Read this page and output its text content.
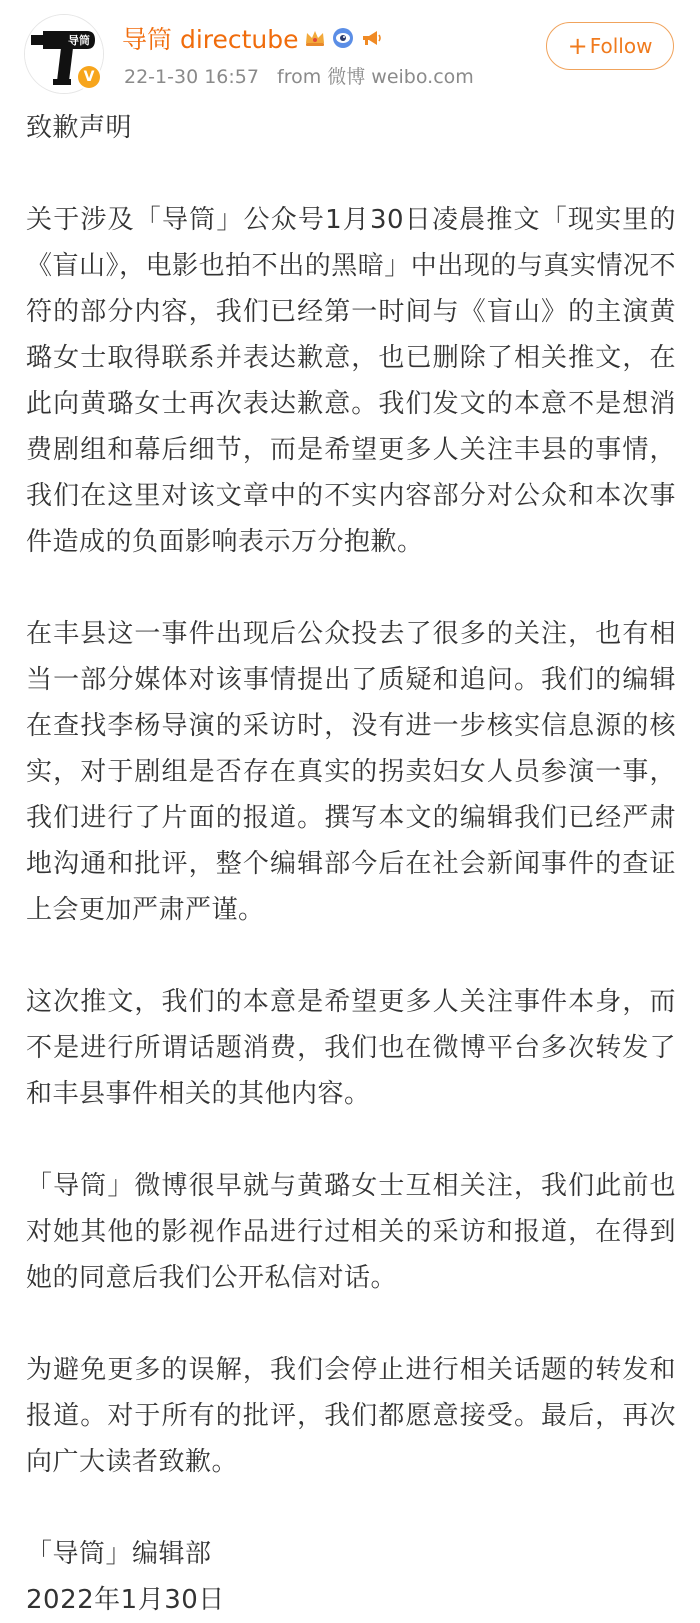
导筒
V
导筒 directube
22-1-30 16:57 from 微博 weibo.com
+ Follow

致歉声明

关于涉及「导筒」公众号1月30日凌晨推文「现实里的《盲山》，电影也拍不出的黑暗」中出现的与真实情况不符的部分内容，我们已经第一时间与《盲山》的主演黄璐女士取得联系并表达歉意，也已删除了相关推文，在此向黄璐女士再次表达歉意。我们发文的本意不是想消费剧组和幕后细节，而是希望更多人关注丰县的事情，我们在这里对该文章中的不实内容部分对公众和本次事件造成的负面影响表示万分抱歉。

在丰县这一事件出现后公众投去了很多的关注，也有相当一部分媒体对该事情提出了质疑和追问。我们的编辑在查找李杨导演的采访时，没有进一步核实信息源的核实，对于剧组是否存在真实的拐卖妇女人员参演一事，我们进行了片面的报道。撰写本文的编辑我们已经严肃地沟通和批评，整个编辑部今后在社会新闻事件的查证上会更加严肃严谨。

这次推文，我们的本意是希望更多人关注事件本身，而不是进行所谓话题消费，我们也在微博平台多次转发了和丰县事件相关的其他内容。

「导筒」微博很早就与黄璐女士互相关注，我们此前也对她其他的影视作品进行过相关的采访和报道，在得到她的同意后我们公开私信对话。

为避免更多的误解，我们会停止进行相关话题的转发和报道。对于所有的批评，我们都愿意接受。最后，再次向广大读者致歉。

「导筒」编辑部

2022年1月30日
